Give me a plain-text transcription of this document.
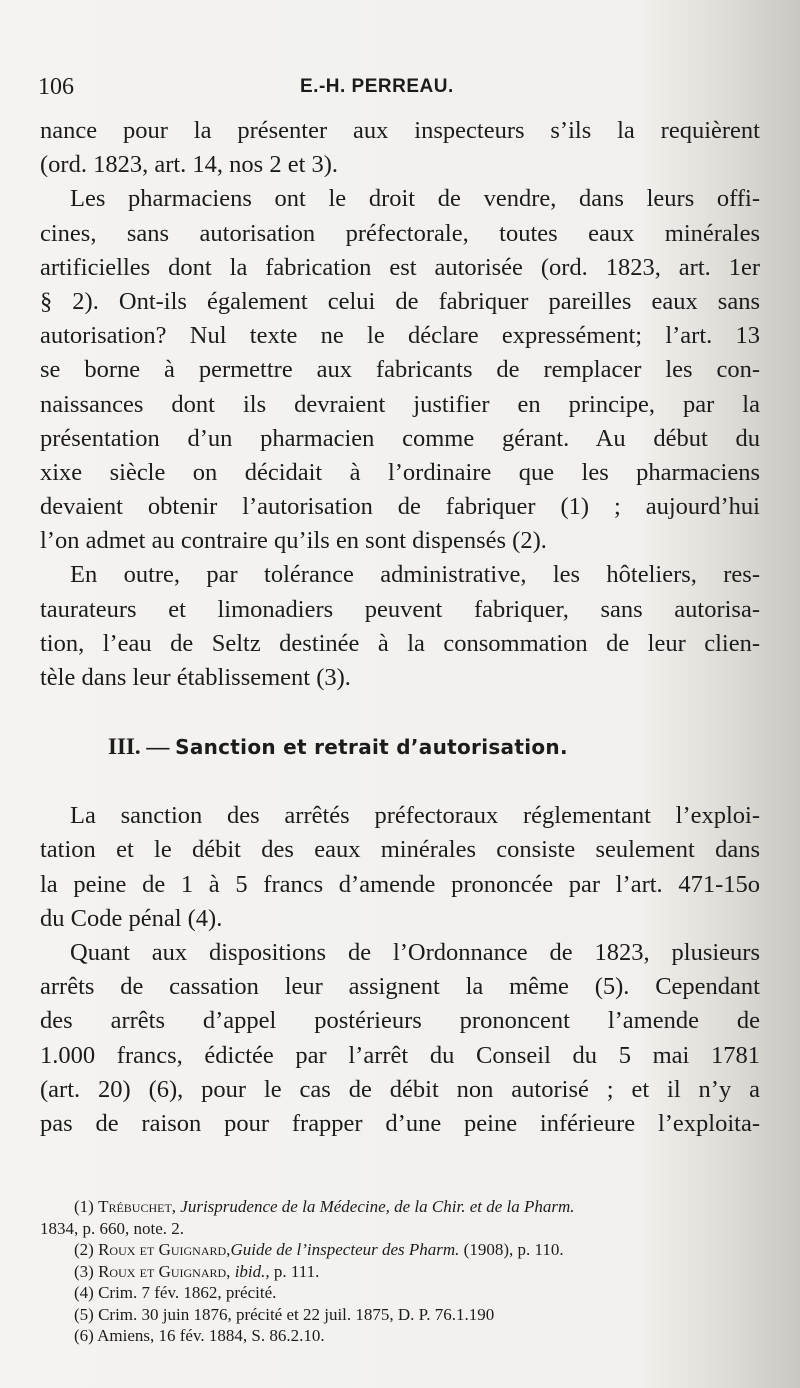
106	E.-H. PERREAU.
nance pour la présenter aux inspecteurs s’ils la requièrent
(ord. 1823, art. 14, nos 2 et 3).
Les pharmaciens ont le droit de vendre, dans leurs offi-
cines, sans autorisation préfectorale, toutes eaux minérales
artificielles dont la fabrication est autorisée (ord. 1823, art. 1er
§ 2). Ont-ils également celui de fabriquer pareilles eaux sans
autorisation? Nul texte ne le déclare expressément; l’art. 13
se borne à permettre aux fabricants de remplacer les con-
naissances dont ils devraient justifier en principe, par la
présentation d’un pharmacien comme gérant. Au début du
xixe siècle on décidait à l’ordinaire que les pharmaciens
devaient obtenir l’autorisation de fabriquer (1) ; aujourd’hui
l’on admet au contraire qu’ils en sont dispensés (2).
En outre, par tolérance administrative, les hôteliers, res-
taurateurs et limonadiers peuvent fabriquer, sans autorisa-
tion, l’eau de Seltz destinée à la consommation de leur clien-
tèle dans leur établissement (3).
III. — Sanction et retrait d’autorisation.
La sanction des arrêtés préfectoraux réglementant l’exploi-
tation et le débit des eaux minérales consiste seulement dans
la peine de 1 à 5 francs d’amende prononcée par l’art. 471-15o
du Code pénal (4).
Quant aux dispositions de l’Ordonnance de 1823, plusieurs
arrêts de cassation leur assignent la même (5). Cependant
des arrêts d’appel postérieurs prononcent l’amende de
1.000 francs, édictée par l’arrêt du Conseil du 5 mai 1781
(art. 20) (6), pour le cas de débit non autorisé ; et il n’y a
pas de raison pour frapper d’une peine inférieure l’exploita-
(1) Trébuchet, Jurisprudence de la Médecine, de la Chir. et de la Pharm.
1834, p. 660, note. 2.
(2) Roux et Guignard,Guide de l’inspecteur des Pharm. (1908), p. 110.
(3) Roux et Guignard, ibid., p. 111.
(4) Crim. 7 fév. 1862, précité.
(5) Crim. 30 juin 1876, précité et 22 juil. 1875, D. P. 76.1.190
(6) Amiens, 16 fév. 1884, S. 86.2.10.
